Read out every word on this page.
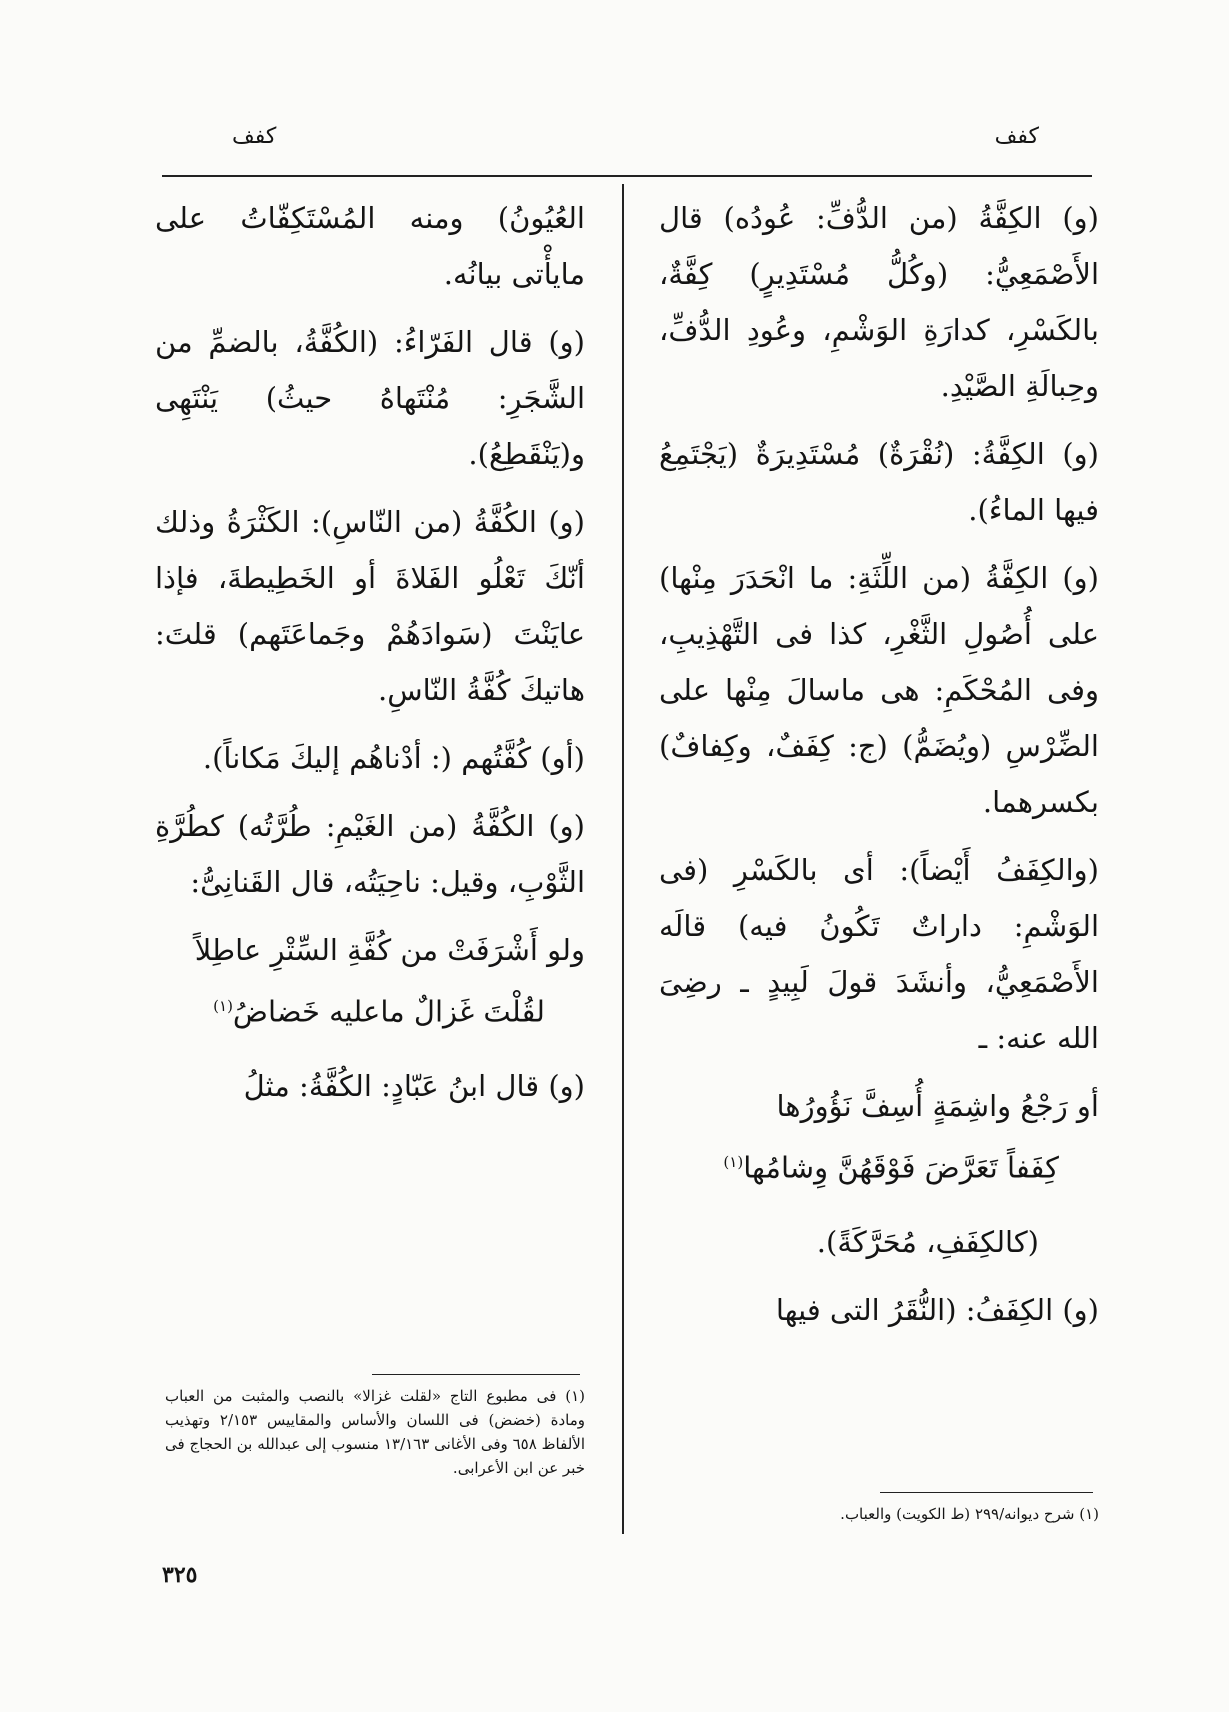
كفف
كفف

(و) الكِفَّةُ (من الدُّفِّ: عُودُه) قال الأَصْمَعِيُّ: (وكُلُّ مُسْتَدِيرٍ) كِفَّةٌ، بالكَسْرِ، كدارَةِ الوَشْمِ، وعُودِ الدُّفِّ، وحِبالَةِ الصَّيْدِ.

(و) الكِفَّةُ: (نُقْرَةٌ) مُسْتَدِيرَةٌ (يَجْتَمِعُ فيها الماءُ).

(و) الكِفَّةُ (من اللِّثَةِ: ما انْحَدَرَ مِنْها) على أُصُولِ الثَّغْرِ، كذا فى التَّهْذِيبِ، وفى المُحْكَمِ: هى ماسالَ مِنْها على الضِّرْسِ (ويُضَمُّ) (ج: كِفَفٌ، وكِفافٌ) بكسرهما.

(والكِفَفُ أَيْضاً): أى بالكَسْرِ (فى الوَشْمِ: داراتٌ تَكُونُ فيه) قالَه الأَصْمَعِيُّ، وأنشَدَ قولَ لَبِيدٍ ـ رضِىَ الله عنه: ـ

أو رَجْعُ واشِمَةٍ أُسِفَّ نَؤُورُها
كِفَفاً تَعَرَّضَ فَوْقَهُنَّ وِشامُها$^{(١)}$

(كالكِفَفِ، مُحَرَّكَةً).

(و) الكِفَفُ: (النُّقَرُ التى فيها

العُيُونُ) ومنه المُسْتَكِفّاتُ على مايأْتى بيانُه.

(و) قال الفَرّاءُ: (الكُفَّةُ، بالضمِّ من الشَّجَرِ: مُنْتَهاهُ حيثُ) يَنْتَهِى و(يَنْقَطِعُ).

(و) الكُفَّةُ (من النّاسِ): الكَثْرَةُ وذلك أنّكَ تَعْلُو الفَلاةَ أو الخَطِيطةَ، فإذا عايَنْتَ (سَوادَهُمْ وجَماعَتَهم) قلتَ: هاتيكَ كُفَّةُ النّاسِ.

(أو) كُفَّتُهم (: أدْناهُم إليكَ مَكاناً).

(و) الكُفَّةُ (من الغَيْمِ: طُرَّتُه) كطُرَّةِ الثَّوْبِ، وقيل: ناحِيَتُه، قال القَنانِىُّ:

ولو أَشْرَفَتْ من كُفَّةِ السِّتْرِ عاطِلاً
لقُلْتَ غَزالٌ ماعليه خَضاضُ$^{(١)}$

(و) قال ابنُ عَبّادٍ: الكُفَّةُ: مثلُ

(١) شرح ديوانه/٢٩٩ (ط الكويت) والعباب.
(١) فى مطبوع التاج «لقلت غزالا» بالنصب والمثبت من العباب ومادة (خضض) فى اللسان والأساس والمقاييس ٢/١٥٣ وتهذيب الألفاظ ٦٥٨ وفى الأغانى ١٣/١٦٣ منسوب إلى عبدالله بن الحجاج فى خبر عن ابن الأعرابى.
٣٢٥
